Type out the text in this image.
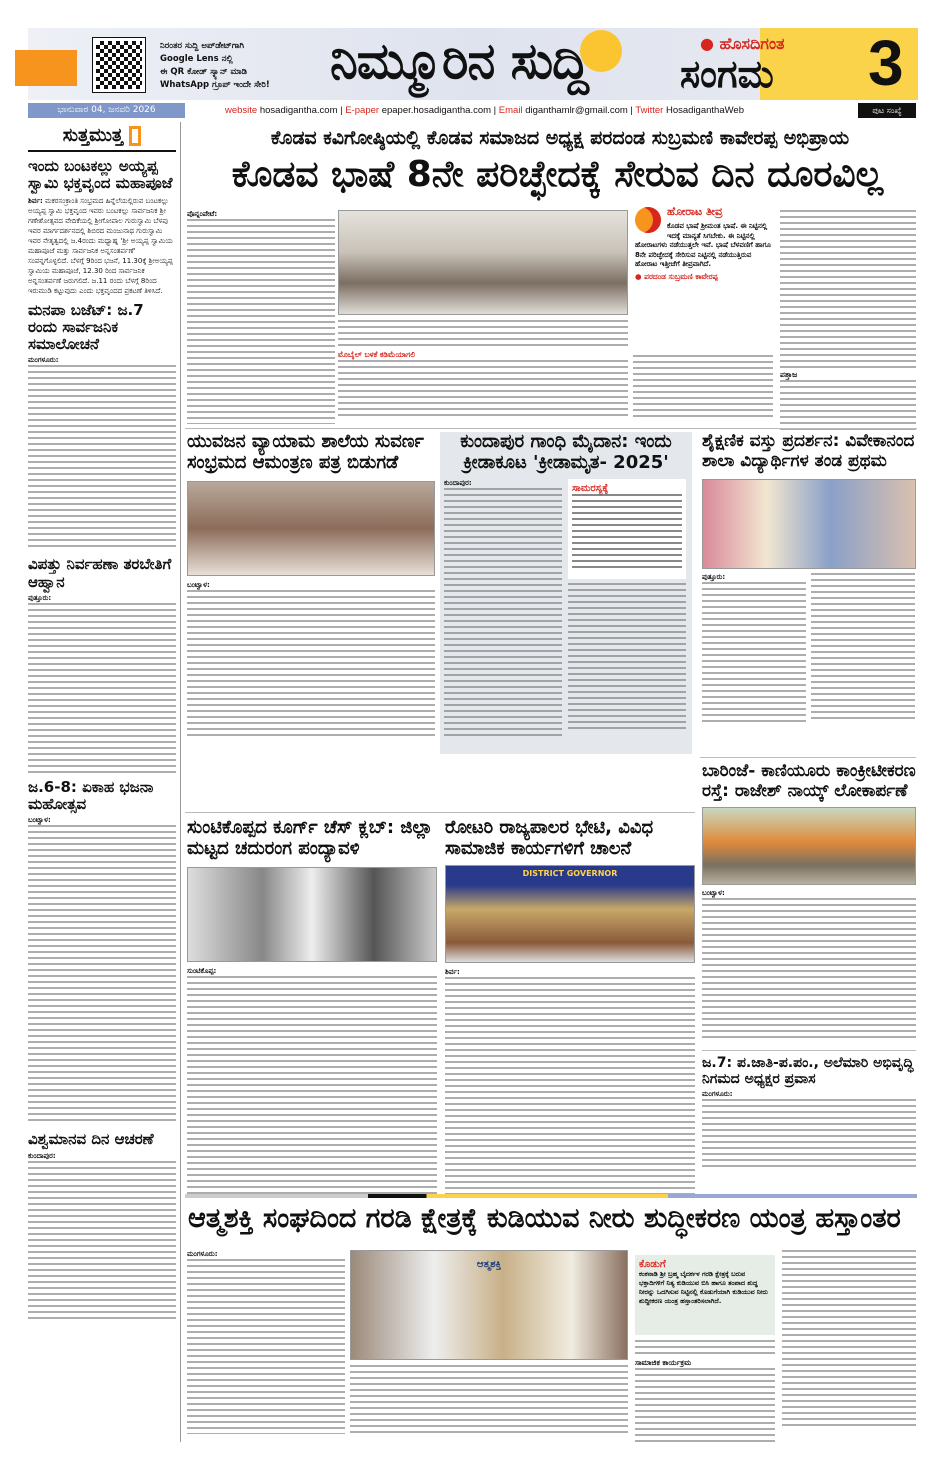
ನಿರಂತರ ಸುದ್ದಿ ಅಪ್‌ಡೇಟ್‌ಗಾಗಿ
Google Lens ನಲ್ಲಿ
ಈ QR ಕೋಡ್ ಸ್ಕ್ಯಾನ್ ಮಾಡಿ
WhatsApp ಗ್ರೂಪ್ ಇಂದೇ ಸೇರಿ! ನಿಮ್ಮೂರಿನ ಸುದ್ದಿ	● ಹೊಸದಿಗಂತ
ಸಂಗಮ 3
ಭಾನುವಾರ 04, ಜನವರಿ 2026	website hosadigantha.com | E-paper epaper.hosadigantha.com | Email diganthamlr@gmail.com | Twitter HosadiganthaWeb	ಪುಟ ಸಂಖ್ಯೆ
ಸುತ್ತಮುತ್ತ
ಇಂದು ಬಂಟಕಲ್ಲು ಅಯ್ಯಪ್ಪ ಸ್ವಾಮಿ ಭಕ್ತವೃಂದ ಮಹಾಪೂಜೆ
ಶಿರ್ವ: ಮಕರಸಂಕ್ರಾಂತಿ ಸಂಭ್ರಮದ ಹಿನ್ನೆಲೆಯಲ್ಲಿರುವ ಬಂಟಕಲ್ಲು ಅಯ್ಯಪ್ಪ ಸ್ವಾಮಿ ಭಕ್ತವೃಂದ ಇವರು ಬಂಟಕಲ್ಲು ಸಾರ್ವಜನಿಕ ಶ್ರೀ ಗಣೇಶೋತ್ಸವದ ವೇದಿಕೆಯಲ್ಲಿ ಶ್ರೀಗೋಪಾಲ ಗುರುಸ್ವಾಮಿ ಬೆಳಪು ಇವರ ಮಾರ್ಗದರ್ಶನದಲ್ಲಿ ಶಿಬಿರದ ಮಂಜುನಾಥ ಗುರುಸ್ವಾಮಿ ಇವರ ನೇತೃತ್ವದಲ್ಲಿ ಜ.4ರಂದು ಮಧ್ಯಾಹ್ನ 'ಶ್ರೀ ಅಯ್ಯಪ್ಪ ಸ್ವಾಮಿಯ ಮಹಾಪೂಜೆ ಮತ್ತು ಸಾರ್ವಜನಿಕ ಅನ್ನಸಂತರ್ಪಣೆ' ಸಂಪನ್ನಗೊಳ್ಳಲಿದೆ. ಬೆಳಗ್ಗೆ 9ರಿಂದ ಭಜನೆ, 11.30ಕ್ಕೆ ಶ್ರೀಅಯ್ಯಪ್ಪ ಸ್ವಾಮಿಯ ಮಹಾಪೂಜೆ, 12.30 ರಿಂದ ಸಾರ್ವಜನಿಕ ಅನ್ನಸಂತರ್ಪಣೆ ಜರುಗಲಿದೆ. ಜ.11 ರಂದು ಬೆಳಗ್ಗೆ 8ರಿಂದ ಇರುಮುಡಿ ಕಟ್ಟುವುದು ಎಂದು ಭಕ್ತವೃಂದದ ಪ್ರಕಟಣೆ ತಿಳಿಸಿದೆ.
ಮನಪಾ ಬಜೆಟ್: ಜ.7 ರಂದು ಸಾರ್ವಜನಿಕ ಸಮಾಲೋಚನೆ
ಮಂಗಳೂರು:
ವಿಪತ್ತು ನಿರ್ವಹಣಾ ತರಬೇತಿಗೆ ಆಹ್ವಾನ
ಪುತ್ತೂರು:
ಜ.6-8: ಏಕಾಹ ಭಜನಾ ಮಹೋತ್ಸವ
ಬಂಟ್ವಾಳ:
ವಿಶ್ವಮಾನವ ದಿನ ಆಚರಣೆ
ಕುಂದಾಪುರ:
ಕೊಡವ ಕವಿಗೋಷ್ಠಿಯಲ್ಲಿ ಕೊಡವ ಸಮಾಜದ ಅಧ್ಯಕ್ಷ ಪರದಂಡ ಸುಬ್ರಮಣಿ ಕಾವೇರಪ್ಪ ಅಭಿಪ್ರಾಯ
ಕೊಡವ ಭಾಷೆ 8ನೇ ಪರಿಚ್ಛೇದಕ್ಕೆ ಸೇರುವ ದಿನ ದೂರವಿಲ್ಲ
ಪೊನ್ನಂಪೇಟೆ:
ಮೊಬೈಲ್ ಬಳಕೆ ಕಡಿಮೆಯಾಗಲಿ
ಹೋರಾಟ ತೀವ್ರ
ಕೊಡವ ಭಾಷೆ ಶ್ರೀಮಂತ ಭಾಷೆ. ಈ ನಿಟ್ಟಿನಲ್ಲಿ ಇದಕ್ಕೆ ಮಾನ್ಯತೆ ಸಿಗಬೇಕು. ಈ ನಿಟ್ಟಿನಲ್ಲಿ ಹೋರಾಟಗಳು ನಡೆಯುತ್ತಲೇ ಇವೆ. ಭಾಷೆ ಬೆಳವಣಿಗೆ ಹಾಗೂ 8ನೇ ಪರಿಚ್ಛೇದಕ್ಕೆ ಸೇರಿಸುವ ನಿಟ್ಟಿನಲ್ಲಿ ನಡೆಯುತ್ತಿರುವ ಹೋರಾಟ ಇತ್ತೀಚೆಗೆ ತೀವ್ರವಾಗಿದೆ.
● ಪರದಂಡ ಸುಬ್ರಮಣಿ ಕಾವೇರಪ್ಪ
ಪತ್ತಾಜ
ಯುವಜನ ವ್ಯಾಯಾಮ ಶಾಲೆಯ ಸುವರ್ಣ ಸಂಭ್ರಮದ ಆಮಂತ್ರಣ ಪತ್ರ ಬಿಡುಗಡೆ
ಬಂಟ್ವಾಳ:
ಕುಂದಾಪುರ ಗಾಂಧಿ ಮೈದಾನ: ಇಂದು ಕ್ರೀಡಾಕೂಟ 'ಕ್ರೀಡಾಮೃತ- 2025'
ಕುಂದಾಪುರ:	ಸಾಮರಸ್ಯಕ್ಕೆ
ಶೈಕ್ಷಣಿಕ ವಸ್ತು ಪ್ರದರ್ಶನ: ವಿವೇಕಾನಂದ ಶಾಲಾ ವಿದ್ಯಾರ್ಥಿಗಳ ತಂಡ ಪ್ರಥಮ
ಪುತ್ತೂರು:
ಬಾರಿಂಜೆ- ಕಾಣಿಯೂರು ಕಾಂಕ್ರೀಟೀಕರಣ ರಸ್ತೆ: ರಾಜೇಶ್ ನಾಯ್ಕ್ ಲೋಕಾರ್ಪಣೆ
ಬಂಟ್ವಾಳ:
ಜ.7: ಪ.ಜಾತಿ-ಪ.ಪಂ., ಅಲೆಮಾರಿ ಅಭಿವೃದ್ಧಿ ನಿಗಮದ ಅಧ್ಯಕ್ಷರ ಪ್ರವಾಸ
ಮಂಗಳೂರು:
ಸುಂಟಿಕೊಪ್ಪದ ಕೂರ್ಗ್ ಚೆಸ್ ಕ್ಲಬ್: ಜಿಲ್ಲಾ ಮಟ್ಟದ ಚದುರಂಗ ಪಂದ್ಯಾವಳಿ
ಸುಂಟಿಕೊಪ್ಪ:
ರೋಟರಿ ರಾಜ್ಯಪಾಲರ ಭೇಟಿ, ವಿವಿಧ ಸಾಮಾಜಿಕ ಕಾರ್ಯಗಳಿಗೆ ಚಾಲನೆ
DISTRICT GOVERNOR
ಶಿರ್ವ:
ಆತ್ಮಶಕ್ತಿ ಸಂಘದಿಂದ ಗರಡಿ ಕ್ಷೇತ್ರಕ್ಕೆ ಕುಡಿಯುವ ನೀರು ಶುದ್ಧೀಕರಣ ಯಂತ್ರ ಹಸ್ತಾಂತರ
ಮಂಗಳೂರು:
ಆತ್ಮಶಕ್ತಿ	ಕೊಡುಗೆ
ಕಂಕನಾಡಿ ಶ್ರೀ ಬ್ರಹ್ಮ ಬೈದರ್ಕಳ ಗರಡಿ ಕ್ಷೇತ್ರಕ್ಕೆ ಬರುವ ಭಕ್ತಾದಿಗಳಿಗೆ ನಿತ್ಯ ಕುಡಿಯುವ ಬಿಸಿ ಹಾಗೂ ತಂಪಾದ ಶುದ್ಧ ನೀರನ್ನು ಒದಗಿಸುವ ನಿಟ್ಟಿನಲ್ಲಿ ಕೊಡುಗೆಯಾಗಿ ಕುಡಿಯುವ ನೀರು ಶುದ್ಧೀಕರಣ ಯಂತ್ರ ಹಸ್ತಾಂತರಿಸಲಾಗಿದೆ.
ಸಾಮಾಜಿಕ ಕಾರ್ಯಕ್ರಮ
